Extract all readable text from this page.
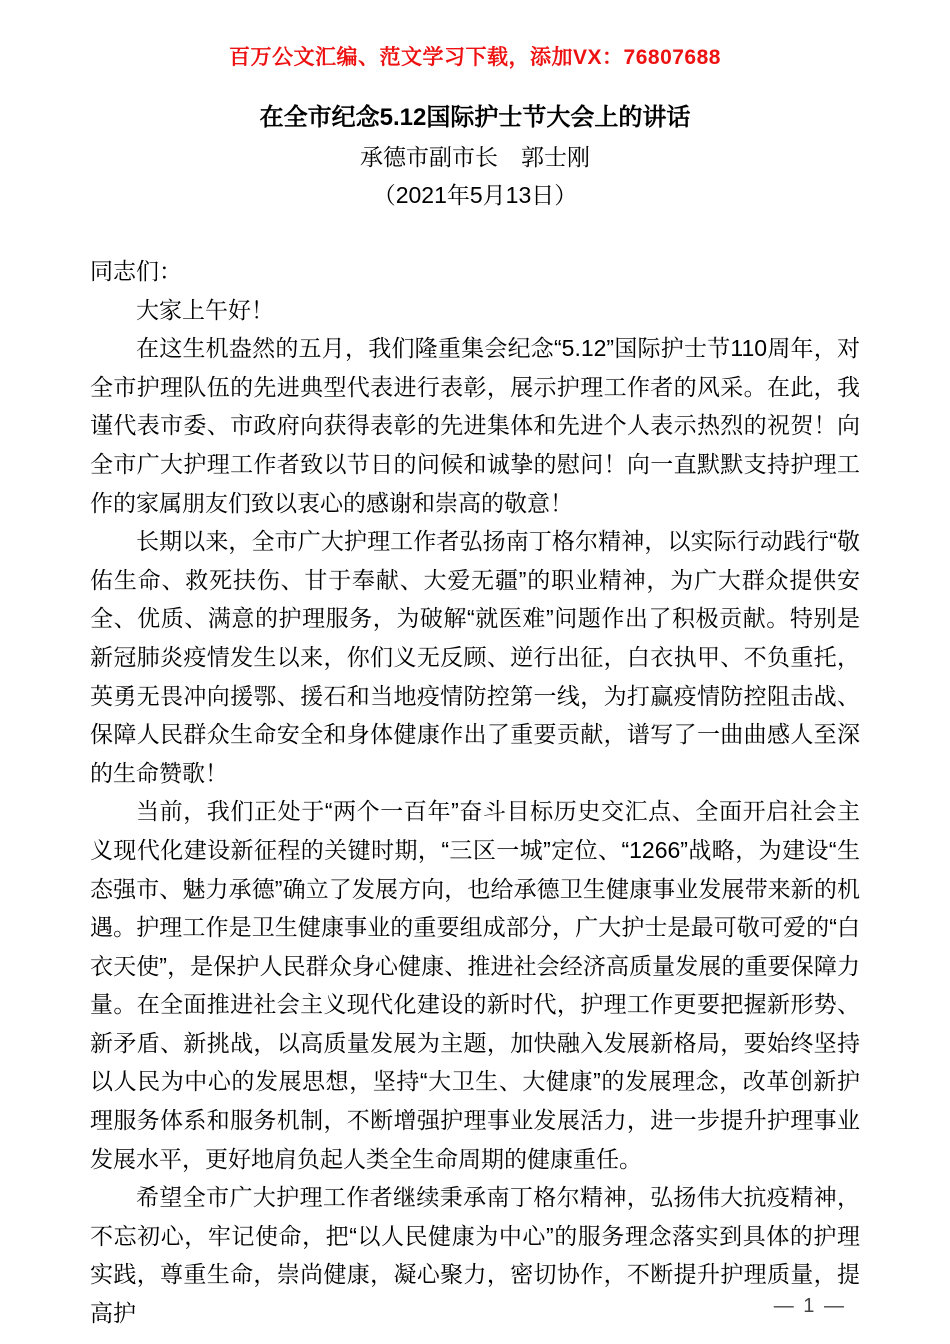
百万公文汇编、范文学习下载，添加VX：76807688
在全市纪念5.12国际护士节大会上的讲话
承德市副市长　郭士刚
（2021年5月13日）

同志们：

大家上午好！

在这生机盎然的五月，我们隆重集会纪念“5.12”国际护士节110周年，对全市护理队伍的先进典型代表进行表彰，展示护理工作者的风采。在此，我谨代表市委、市政府向获得表彰的先进集体和先进个人表示热烈的祝贺！向全市广大护理工作者致以节日的问候和诚挚的慰问！向一直默默支持护理工作的家属朋友们致以衷心的感谢和崇高的敬意！

长期以来，全市广大护理工作者弘扬南丁格尔精神，以实际行动践行“敬佑生命、救死扶伤、甘于奉献、大爱无疆”的职业精神，为广大群众提供安全、优质、满意的护理服务，为破解“就医难”问题作出了积极贡献。特别是新冠肺炎疫情发生以来，你们义无反顾、逆行出征，白衣执甲、不负重托，英勇无畏冲向援鄂、援石和当地疫情防控第一线，为打赢疫情防控阻击战、保障人民群众生命安全和身体健康作出了重要贡献，谱写了一曲曲感人至深的生命赞歌！

当前，我们正处于“两个一百年”奋斗目标历史交汇点、全面开启社会主义现代化建设新征程的关键时期，“三区一城”定位、“1266”战略，为建设“生态强市、魅力承德”确立了发展方向，也给承德卫生健康事业发展带来新的机遇。护理工作是卫生健康事业的重要组成部分，广大护士是最可敬可爱的“白衣天使”，是保护人民群众身心健康、推进社会经济高质量发展的重要保障力量。在全面推进社会主义现代化建设的新时代，护理工作更要把握新形势、新矛盾、新挑战，以高质量发展为主题，加快融入发展新格局，要始终坚持以人民为中心的发展思想，坚持“大卫生、大健康”的发展理念，改革创新护理服务体系和服务机制，不断增强护理事业发展活力，进一步提升护理事业发展水平，更好地肩负起人类全生命周期的健康重任。

希望全市广大护理工作者继续秉承南丁格尔精神，弘扬伟大抗疫精神，不忘初心，牢记使命，把“以人民健康为中心”的服务理念落实到具体的护理实践，尊重生命，崇尚健康，凝心聚力，密切协作，不断提升护理质量，提高护	— 1 —
